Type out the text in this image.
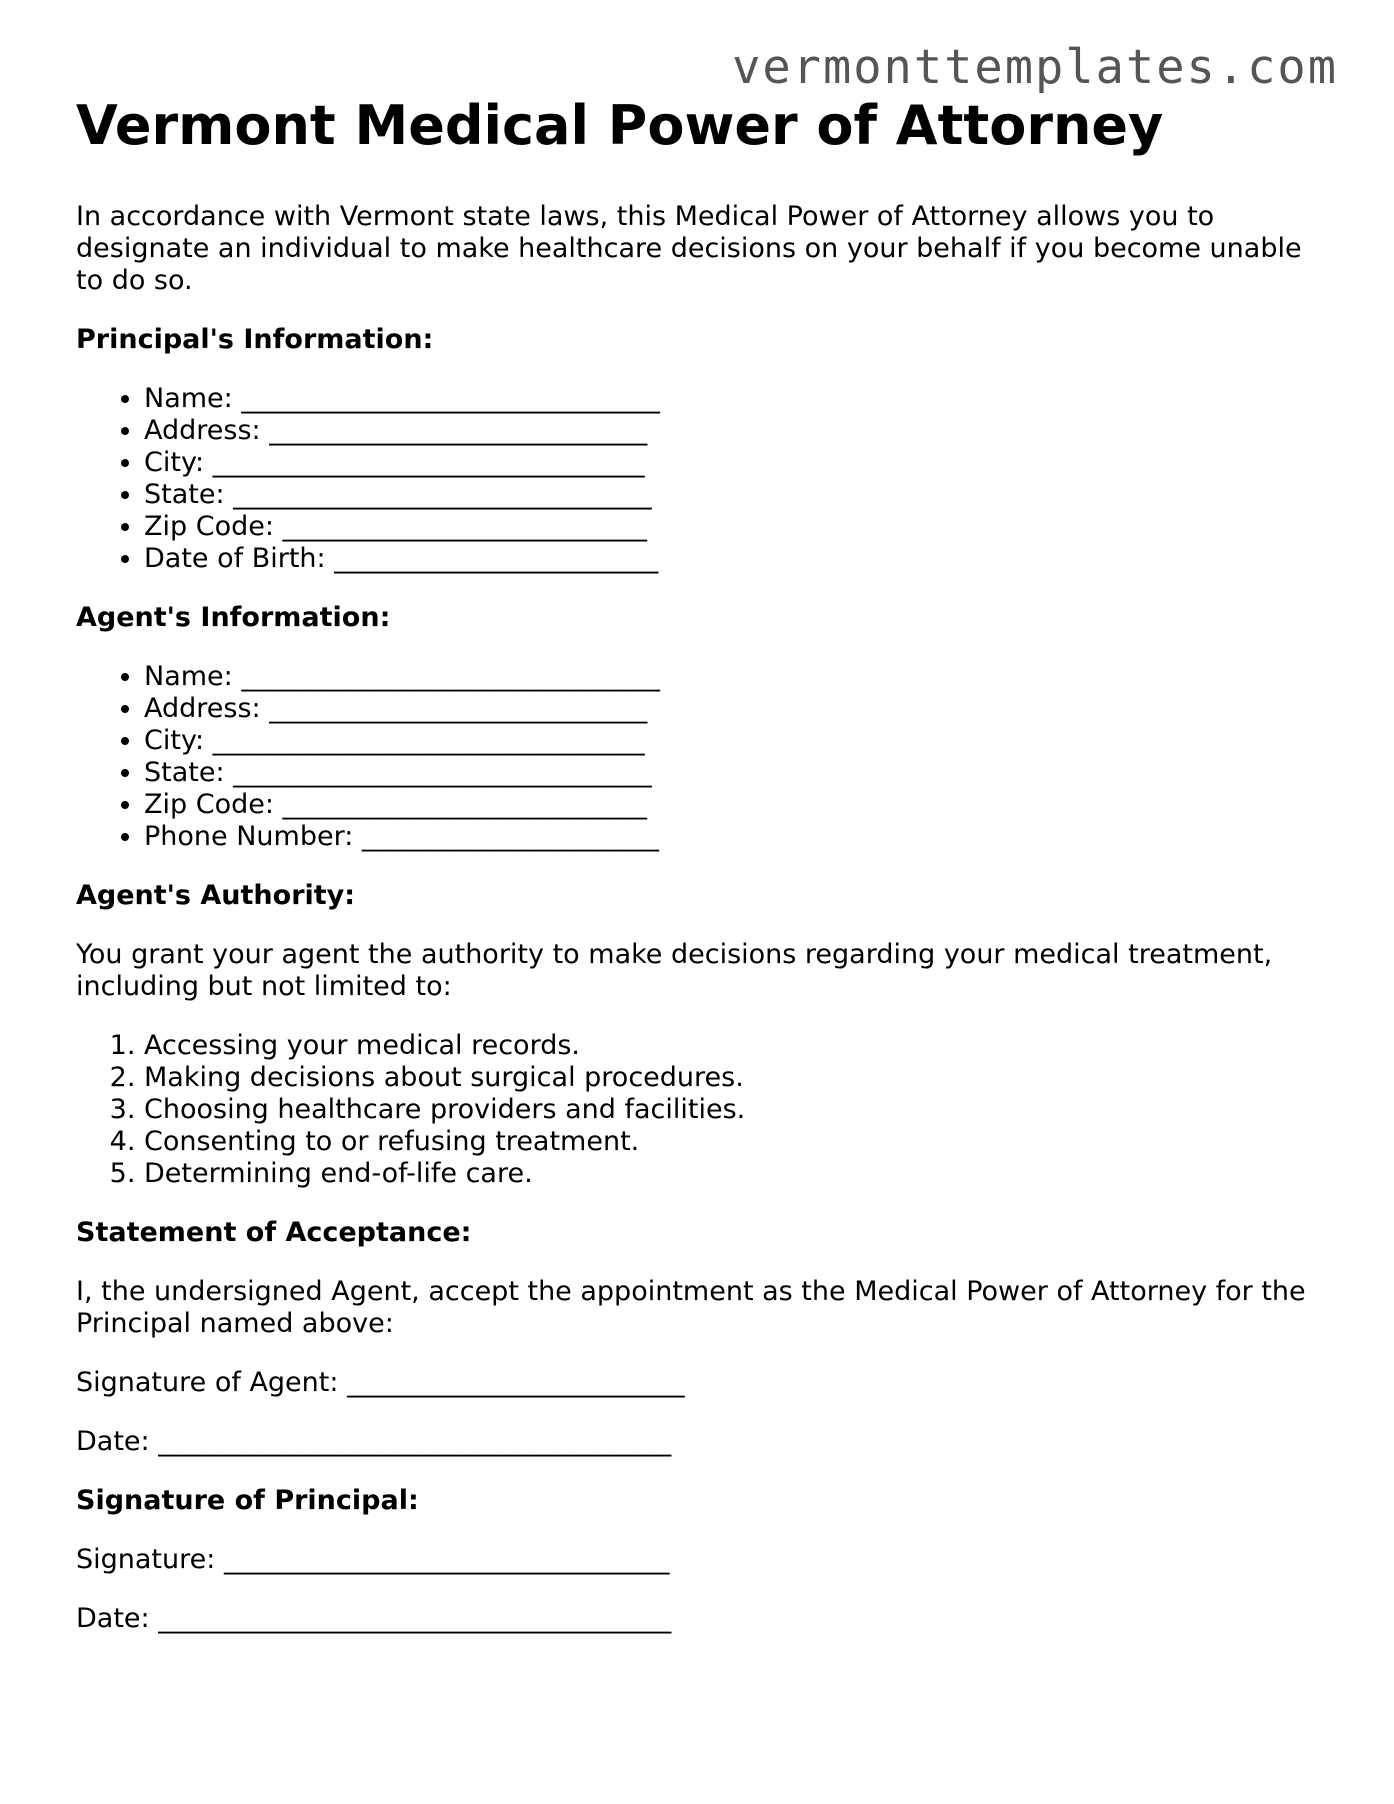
vermonttemplates.com
Vermont Medical Power of Attorney

In accordance with Vermont state laws, this Medical Power of Attorney allows you to designate an individual to make healthcare decisions on your behalf if you become unable to do so.

Principal's Information:
• Name: _______________________________
• Address: ____________________________
• City: ________________________________
• State: _______________________________
• Zip Code: ___________________________
• Date of Birth: ________________________
Agent's Information:
• Name: _______________________________
• Address: ____________________________
• City: ________________________________
• State: _______________________________
• Zip Code: ___________________________
• Phone Number: ______________________
Agent's Authority:

You grant your agent the authority to make decisions regarding your medical treatment, including but not limited to:

1. Accessing your medical records.
2. Making decisions about surgical procedures.
3. Choosing healthcare providers and facilities.
4. Consenting to or refusing treatment.
5. Determining end-of-life care.
Statement of Acceptance:

I, the undersigned Agent, accept the appointment as the Medical Power of Attorney for the Principal named above:

Signature of Agent: _________________________

Date: ______________________________________

Signature of Principal:

Signature: _________________________________

Date: ______________________________________
